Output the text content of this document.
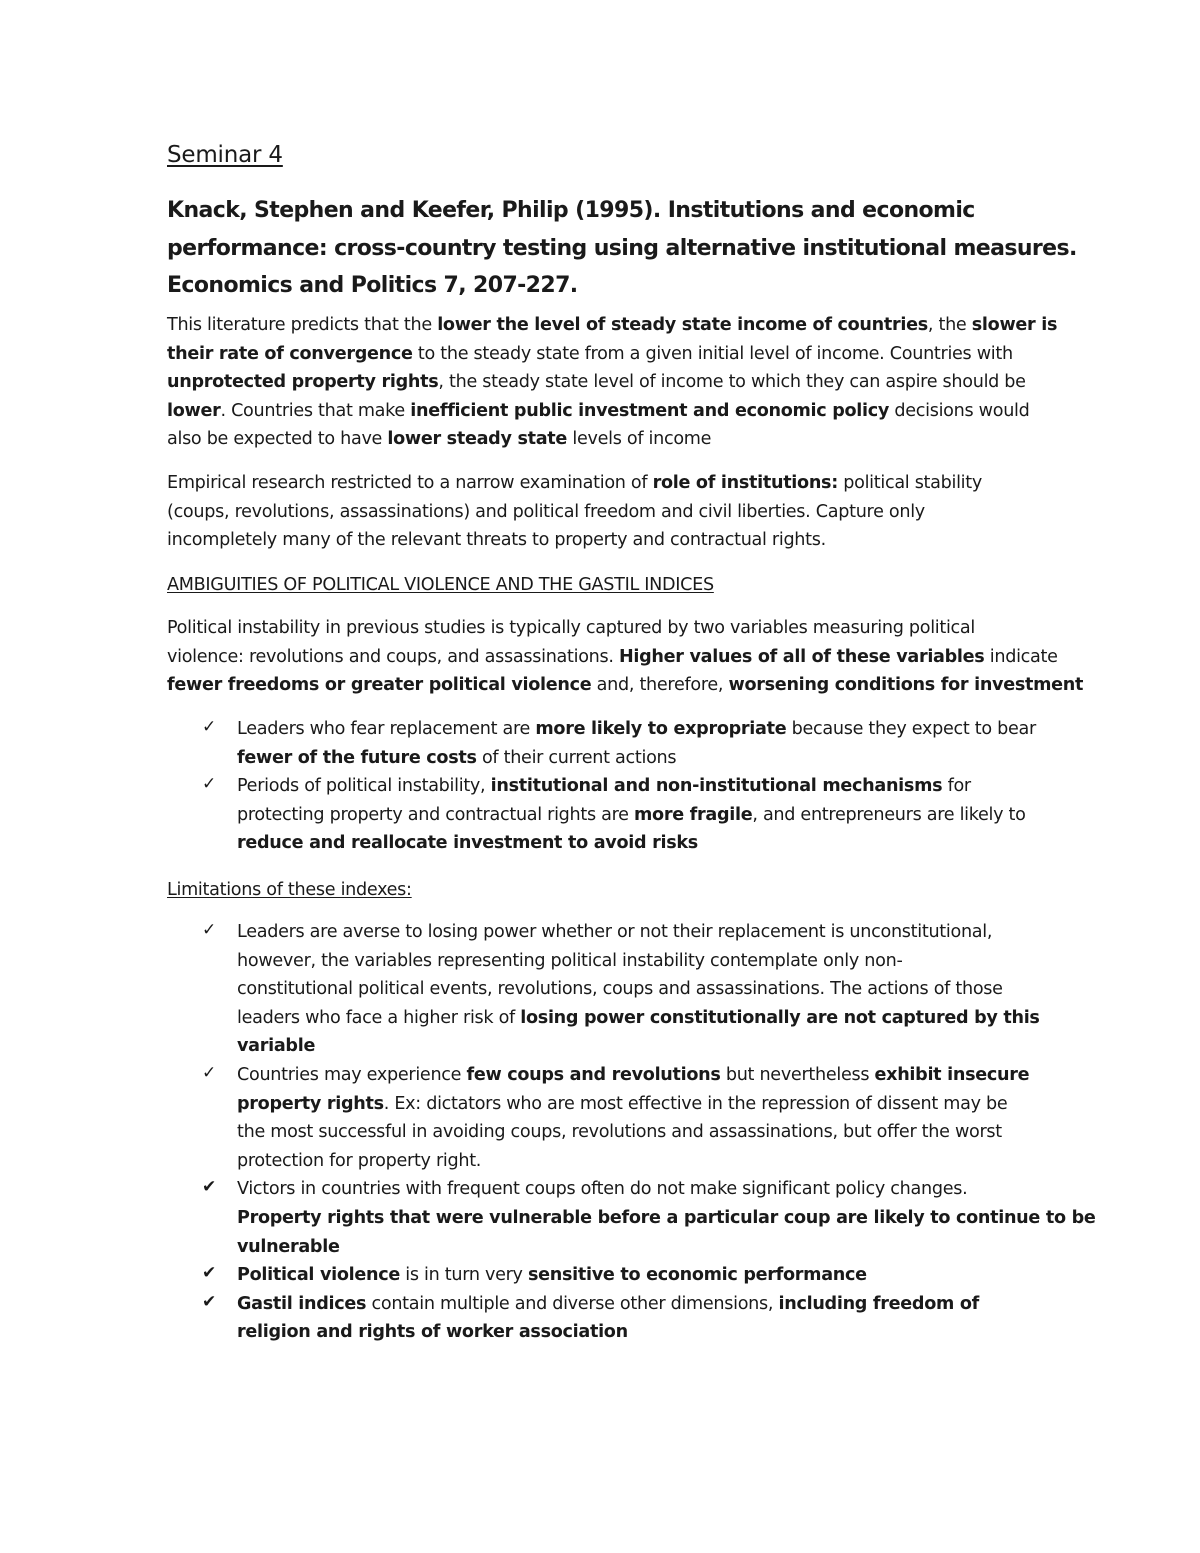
Seminar 4
Knack, Stephen and Keefer, Philip (1995). Institutions and economic
performance: cross-country testing using alternative institutional measures.
Economics and Politics 7, 207-227.
This literature predicts that the lower the level of steady state income of countries, the slower is
their rate of convergence to the steady state from a given initial level of income. Countries with
unprotected property rights, the steady state level of income to which they can aspire should be
lower. Countries that make inefficient public investment and economic policy decisions would
also be expected to have lower steady state levels of income
Empirical research restricted to a narrow examination of role of institutions: political stability
(coups, revolutions, assassinations) and political freedom and civil liberties. Capture only
incompletely many of the relevant threats to property and contractual rights.
AMBIGUITIES OF POLITICAL VIOLENCE AND THE GASTIL INDICES
Political instability in previous studies is typically captured by two variables measuring political
violence: revolutions and coups, and assassinations. Higher values of all of these variables indicate
fewer freedoms or greater political violence and, therefore, worsening conditions for investment
✓ Leaders who fear replacement are more likely to expropriate because they expect to bear
fewer of the future costs of their current actions
✓ Periods of political instability, institutional and non-institutional mechanisms for
protecting property and contractual rights are more fragile, and entrepreneurs are likely to
reduce and reallocate investment to avoid risks
Limitations of these indexes:
✓ Leaders are averse to losing power whether or not their replacement is unconstitutional,
however, the variables representing political instability contemplate only non-
constitutional political events, revolutions, coups and assassinations. The actions of those
leaders who face a higher risk of losing power constitutionally are not captured by this
variable
✓ Countries may experience few coups and revolutions but nevertheless exhibit insecure
property rights. Ex: dictators who are most effective in the repression of dissent may be
the most successful in avoiding coups, revolutions and assassinations, but offer the worst
protection for property right.
✔ Victors in countries with frequent coups often do not make significant policy changes.
Property rights that were vulnerable before a particular coup are likely to continue to be
vulnerable
✔ Political violence is in turn very sensitive to economic performance
✔ Gastil indices contain multiple and diverse other dimensions, including freedom of
religion and rights of worker association
